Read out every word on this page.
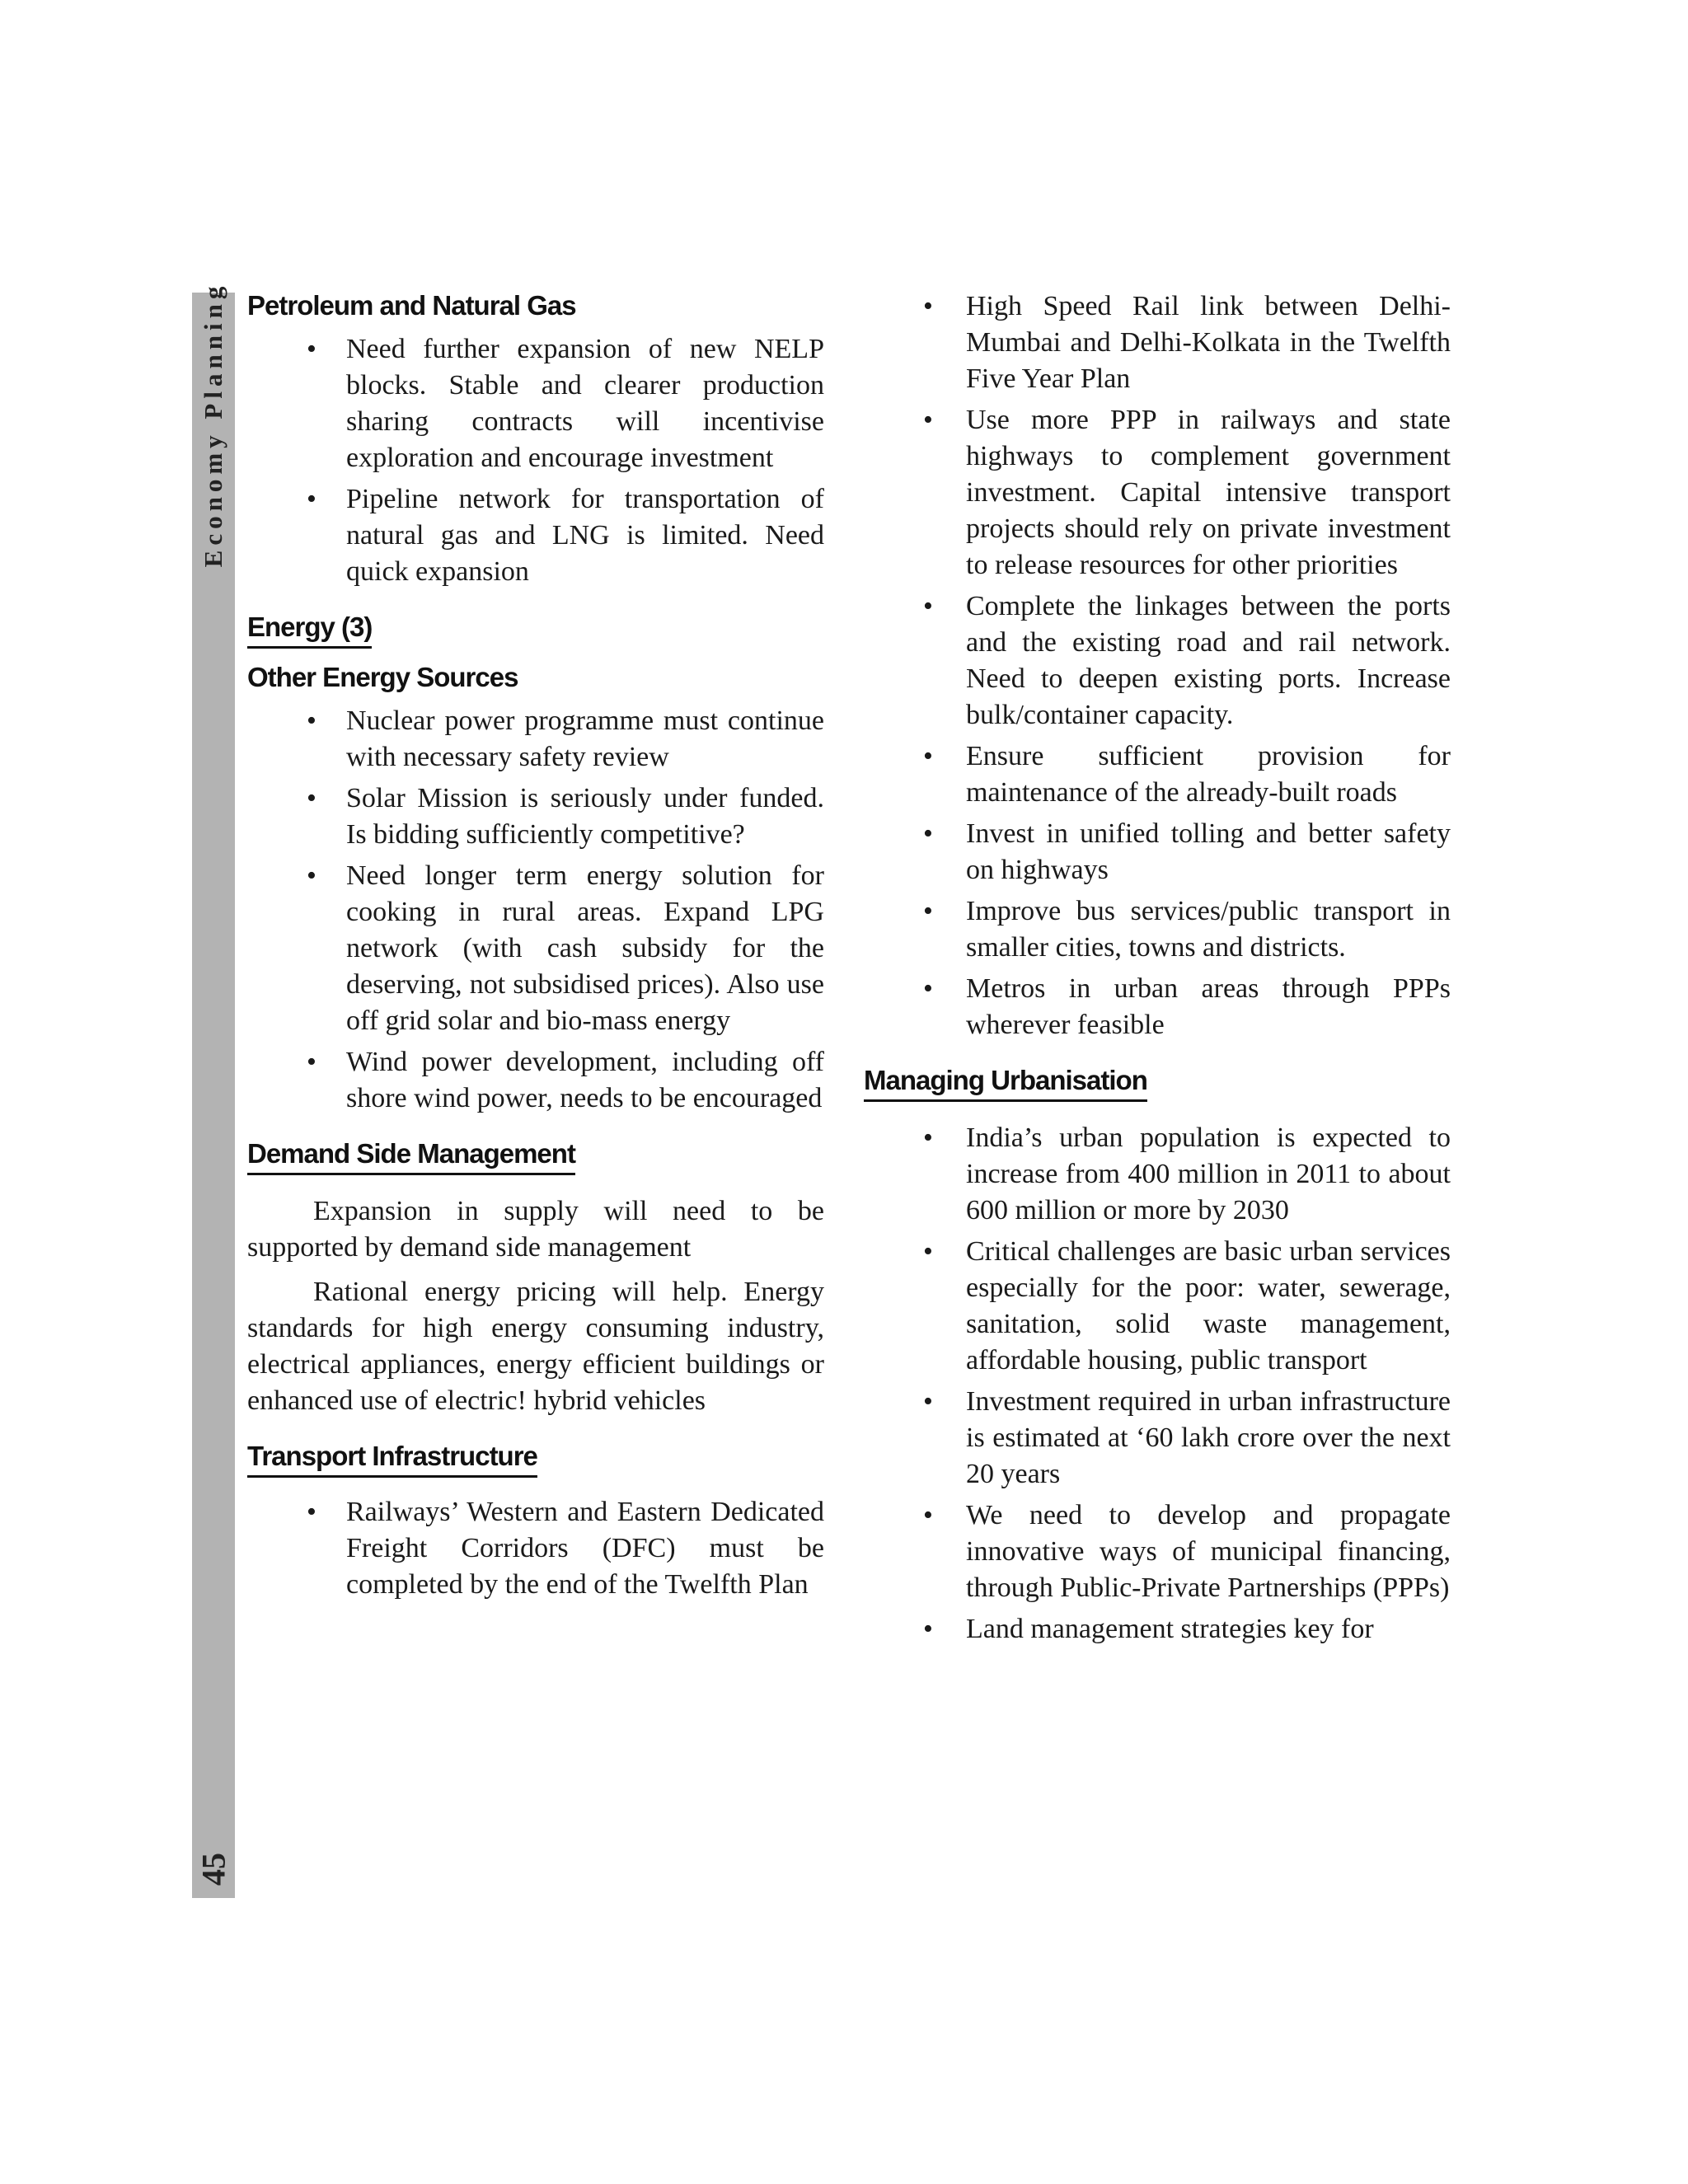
Economy Planning
45
Petroleum and Natural Gas
• Need further expansion of new NELP blocks. Stable and clearer production sharing contracts will incentivise exploration and encourage investment
• Pipeline network for transportation of natural gas and LNG is limited. Need quick expansion
Energy (3)
Other Energy Sources
• Nuclear power programme must continue with necessary safety review
• Solar Mission is seriously under funded. Is bidding sufficiently competitive?
• Need longer term energy solution for cooking in rural areas. Expand LPG network (with cash subsidy for the deserving, not subsidised prices). Also use off grid solar and bio-mass energy
• Wind power development, including off shore wind power, needs to be encouraged
Demand Side Management

Expansion in supply will need to be supported by demand side management

Rational energy pricing will help. Energy standards for high energy consuming industry, electrical appliances, energy efficient buildings or enhanced use of electric! hybrid vehicles

Transport Infrastructure
• Railways’ Western and Eastern Dedicated Freight Corridors (DFC) must be completed by the end of the Twelfth Plan
• High Speed Rail link between Delhi-Mumbai and Delhi-Kolkata in the Twelfth Five Year Plan
• Use more PPP in railways and state highways to complement government investment. Capital intensive transport projects should rely on private investment to release resources for other priorities
• Complete the linkages between the ports and the existing road and rail network. Need to deepen existing ports. Increase bulk/container capacity.
• Ensure sufficient provision for maintenance of the already-built roads
• Invest in unified tolling and better safety on highways
• Improve bus services/public transport in smaller cities, towns and districts.
• Metros in urban areas through PPPs wherever feasible
Managing Urbanisation
• India’s urban population is expected to increase from 400 million in 2011 to about 600 million or more by 2030
• Critical challenges are basic urban services especially for the poor: water, sewerage, sanitation, solid waste management, affordable housing, public transport
• Investment required in urban infrastructure is estimated at ‘60 lakh crore over the next 20 years
• We need to develop and propagate innovative ways of municipal financing, through Public-Private Partnerships (PPPs)
• Land management strategies key for
